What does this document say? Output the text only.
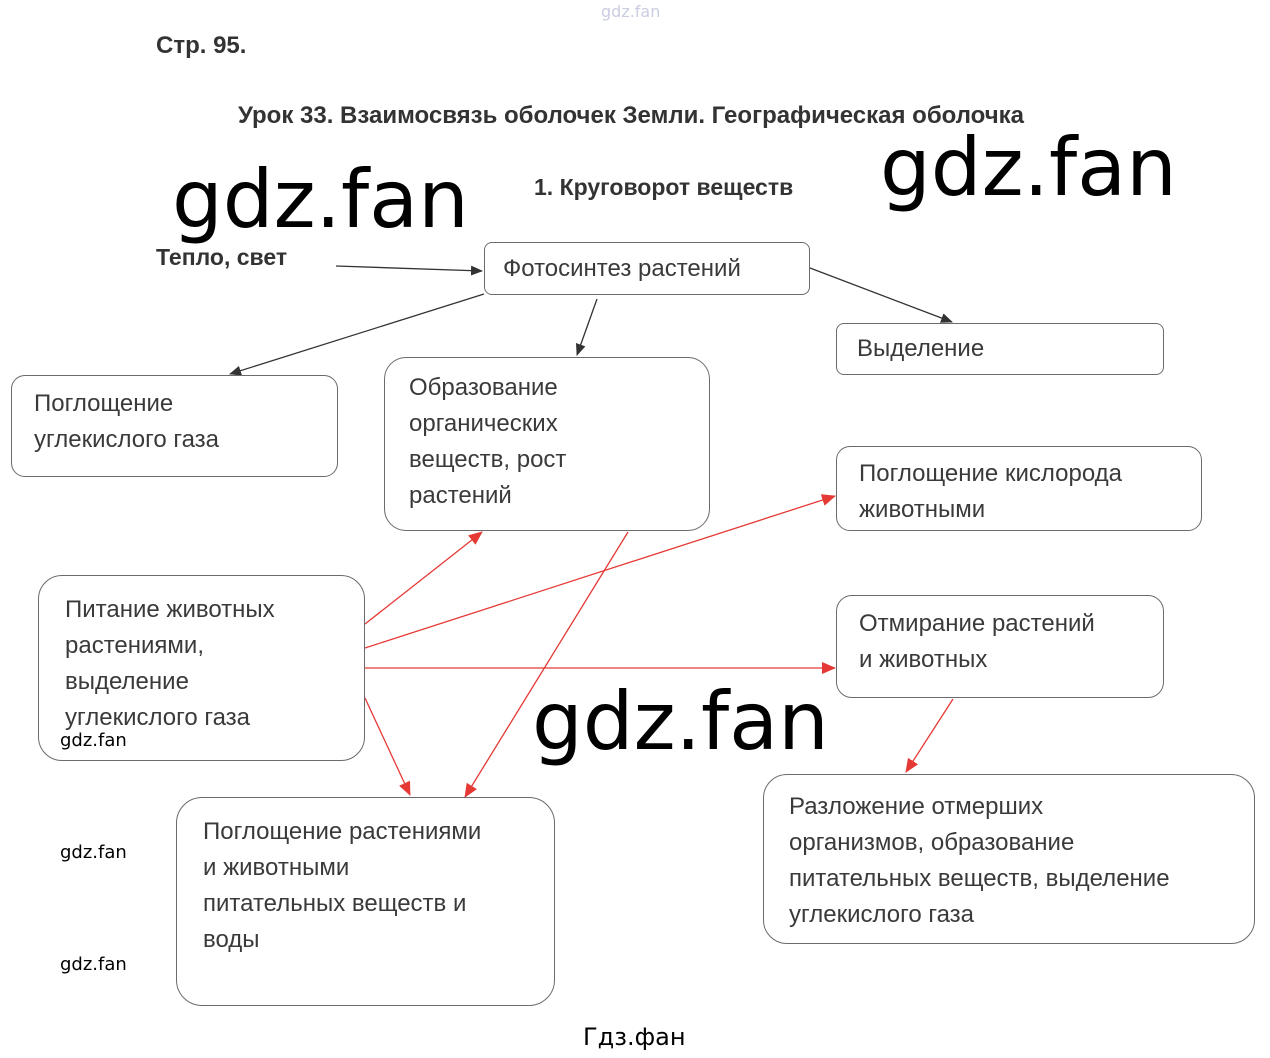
gdz.fan
Стр. 95.
Урок 33. Взаимосвязь оболочек Земли. Географическая оболочка
1. Круговорот веществ
Тепло, свет	Фотосинтез растений

Поглощение
углекислого газа

Образование
органических
веществ, рост
растений

Выделение

Поглощение кислорода
животными

Питание животных
растениями,
выделение
углекислого газа

Отмирание растений
и животных

Поглощение растениями
и животными
питательных веществ и
воды

Разложение отмерших
организмов, образование
питательных веществ, выделение
углекислого газа

gdz.fan	gdz.fan
gdz.fan
gdz.fan
gdz.fan
gdz.fan
Гдз.фан
